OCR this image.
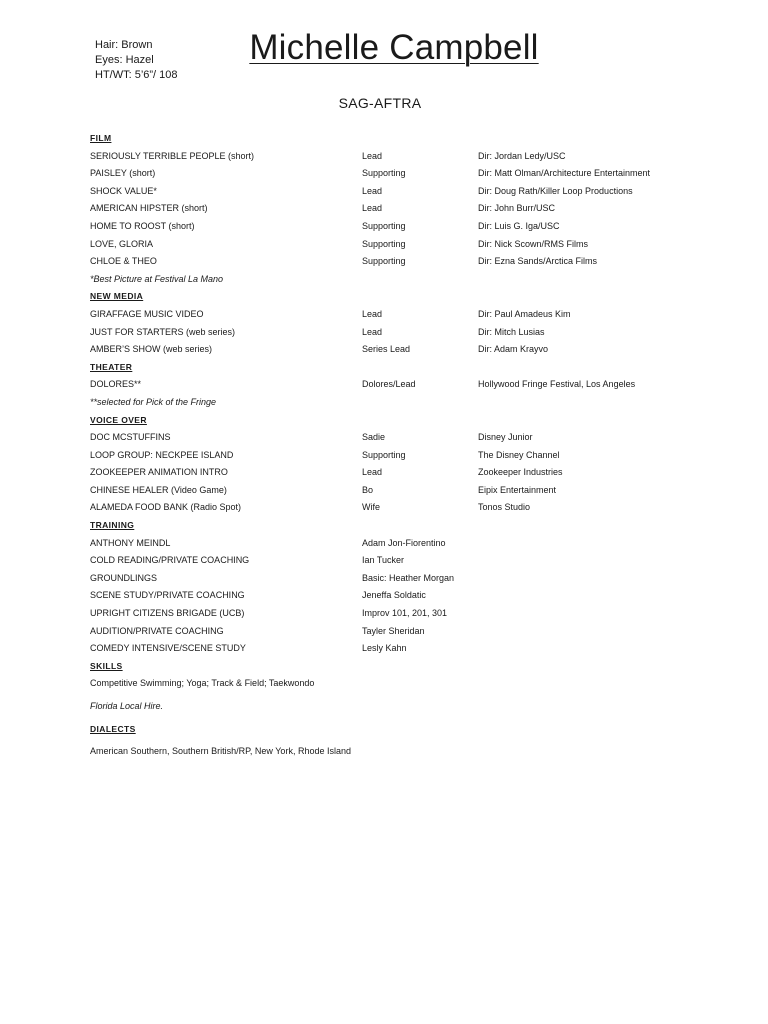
Hair: Brown
Eyes: Hazel
HT/WT: 5’6”/ 108
Michelle Campbell
SAG-AFTRA
FILM
SERIOUSLY TERRIBLE PEOPLE (short)	Lead	Dir: Jordan Ledy/USC
PAISLEY (short)	Supporting	Dir: Matt Olman/Architecture Entertainment
SHOCK VALUE*	Lead	Dir: Doug Rath/Killer Loop Productions
AMERICAN HIPSTER (short)	Lead	Dir: John Burr/USC
HOME TO ROOST (short)	Supporting	Dir: Luis G. Iga/USC
LOVE, GLORIA	Supporting	Dir: Nick Scown/RMS Films
CHLOE & THEO	Supporting	Dir: Ezna Sands/Arctica Films
*Best Picture at Festival La Mano
NEW MEDIA
GIRAFFAGE MUSIC VIDEO	Lead	Dir: Paul Amadeus Kim
JUST FOR STARTERS (web series)	Lead	Dir: Mitch Lusias
AMBER’S SHOW (web series)	Series Lead	Dir: Adam Krayvo
THEATER
DOLORES**	Dolores/Lead	Hollywood Fringe Festival, Los Angeles
**selected for Pick of the Fringe
VOICE OVER
DOC MCSTUFFINS	Sadie	Disney Junior
LOOP GROUP: NECKPEE ISLAND	Supporting	The Disney Channel
ZOOKEEPER ANIMATION INTRO	Lead	Zookeeper Industries
CHINESE HEALER (Video Game)	Bo	Eipix Entertainment
ALAMEDA FOOD BANK (Radio Spot)	Wife	Tonos Studio
TRAINING
ANTHONY MEINDL	Adam Jon-Fiorentino
COLD READING/PRIVATE COACHING	Ian Tucker
GROUNDLINGS	Basic: Heather Morgan
SCENE STUDY/PRIVATE COACHING	Jeneffa Soldatic
UPRIGHT CITIZENS BRIGADE (UCB)	Improv 101, 201, 301
AUDITION/PRIVATE COACHING	Tayler Sheridan
COMEDY INTENSIVE/SCENE STUDY	Lesly Kahn
SKILLS
Competitive Swimming; Yoga; Track & Field; Taekwondo
Florida Local Hire.
DIALECTS
American Southern, Southern British/RP, New York, Rhode Island
